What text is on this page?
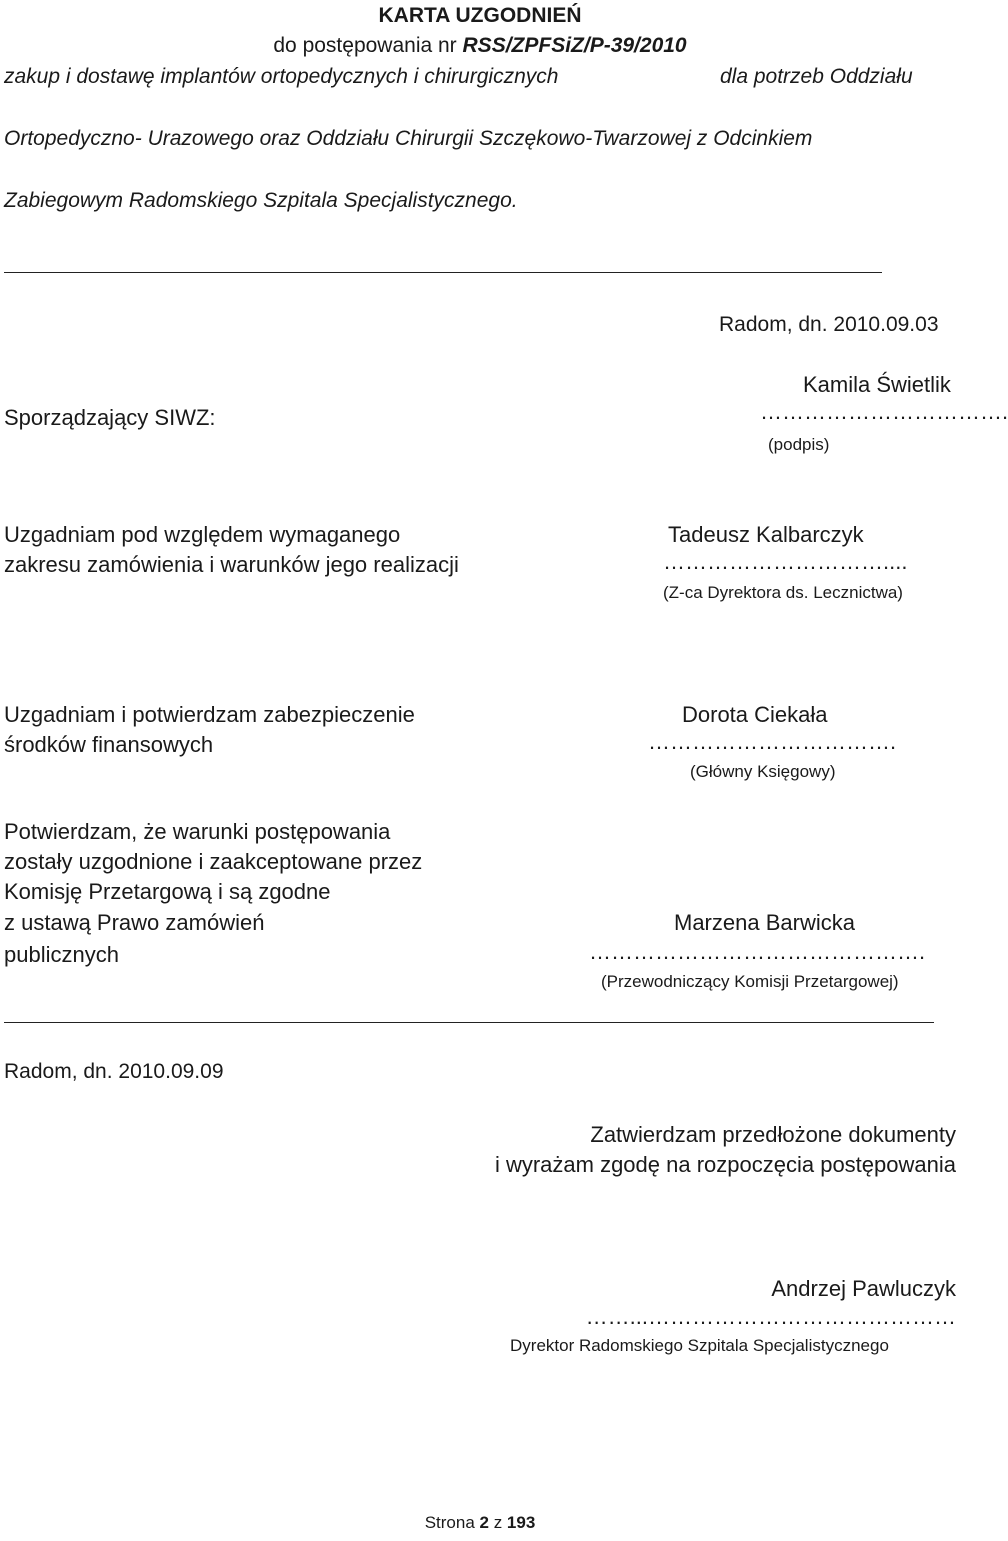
KARTA UZGODNIEŃ
do postępowania nr RSS/ZPFSiZ/P-39/2010
zakup i dostawę implantów ortopedycznych i chirurgicznych	dla potrzeb Oddziału
Ortopedyczno- Urazowego oraz Oddziału Chirurgii Szczękowo-Twarzowej z Odcinkiem
Zabiegowym Radomskiego Szpitala Specjalistycznego.
Radom, dn. 2010.09.03
Kamila Świetlik
Sporządzający SIWZ:	…………………………….
(podpis)
Uzgadniam pod względem wymaganego
zakresu zamówienia i warunków jego realizacji
Tadeusz Kalbarczyk
…………………………....
(Z-ca Dyrektora ds. Lecznictwa)
Uzgadniam i potwierdzam zabezpieczenie
środków finansowych
Dorota Ciekała
…………………………….
(Główny Księgowy)
Potwierdzam, że warunki postępowania
zostały uzgodnione i zaakceptowane przez
Komisję Przetargową i są zgodne
z ustawą Prawo zamówień
publicznych
Marzena Barwicka
……………………………………….
(Przewodniczący Komisji Przetargowej)
Radom, dn. 2010.09.09
Zatwierdzam przedłożone dokumenty
i wyrażam zgodę na rozpoczęcia postępowania
Andrzej Pawluczyk
……...……………………………………
Dyrektor Radomskiego Szpitala Specjalistycznego
Strona 2 z 193
